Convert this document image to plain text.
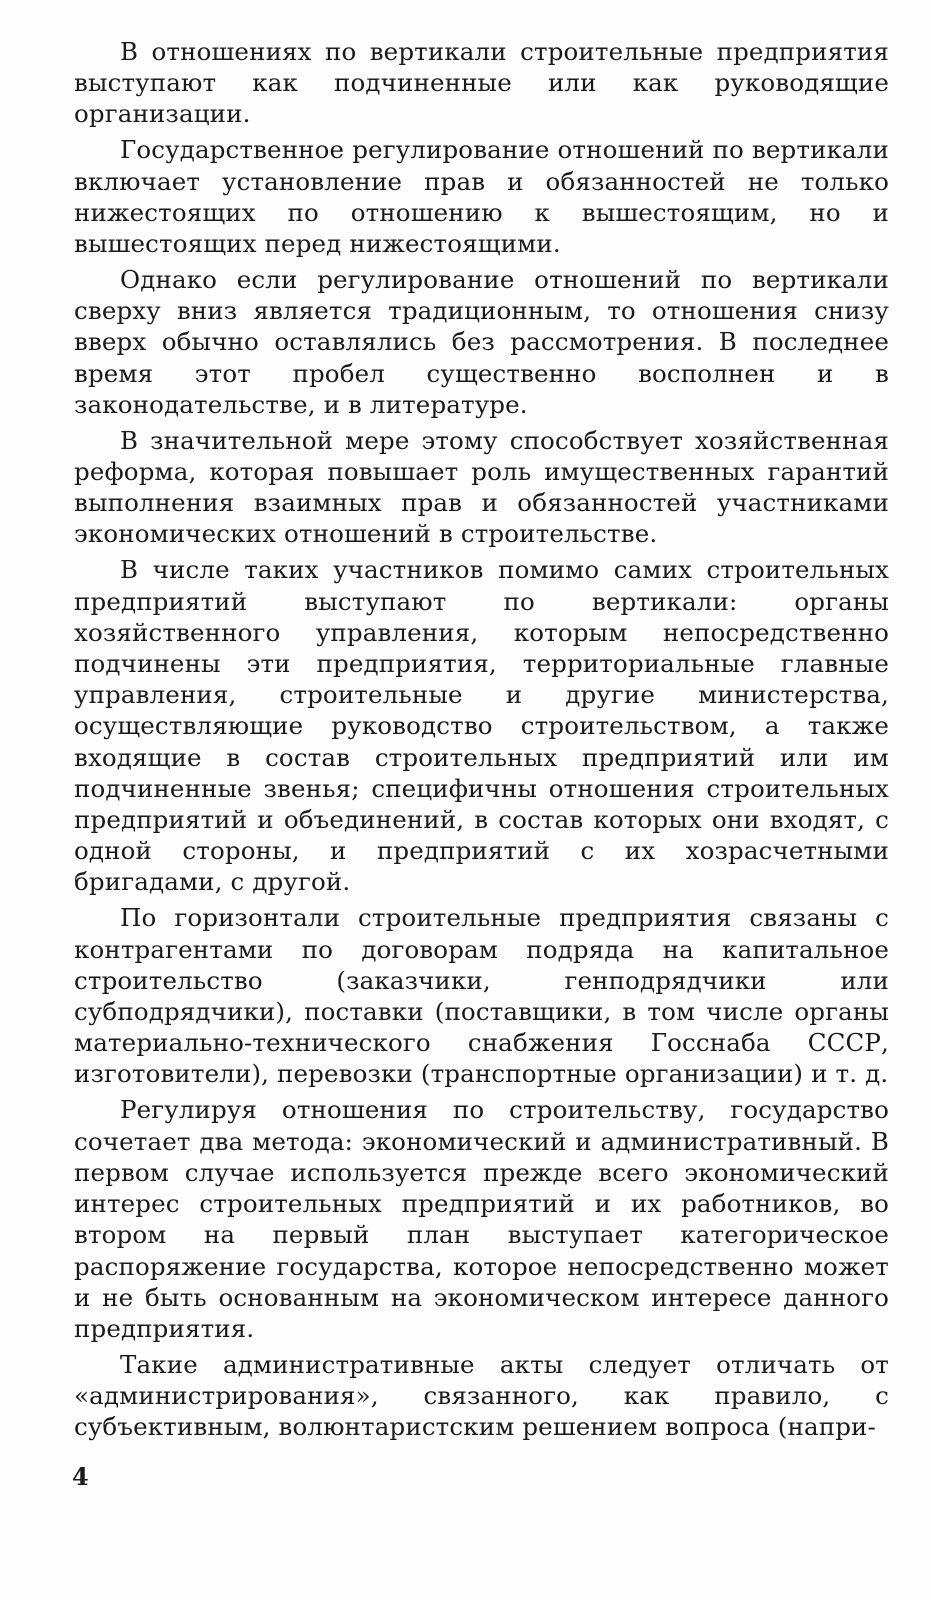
В отношениях по вертикали строительные предприятия выступают как подчиненные или как руководящие организации.

Государственное регулирование отношений по вертикали включает установление прав и обязанностей не только нижестоящих по отношению к вышестоящим, но и вышестоящих перед нижестоящими.

Однако если регулирование отношений по вертикали сверху вниз является традиционным, то отношения снизу вверх обычно оставлялись без рассмотрения. В последнее время этот пробел существенно восполнен и в законодательстве, и в литературе.

В значительной мере этому способствует хозяйственная реформа, которая повышает роль имущественных гарантий выполнения взаимных прав и обязанностей участниками экономических отношений в строительстве.

В числе таких участников помимо самих строительных предприятий выступают по вертикали: органы хозяйственного управления, которым непосредственно подчинены эти предприятия, территориальные главные управления, строительные и другие министерства, осуществляющие руководство строительством, а также входящие в состав строительных предприятий или им подчиненные звенья; специфичны отношения строительных предприятий и объединений, в состав которых они входят, с одной стороны, и предприятий с их хозрасчетными бригадами, с другой.

По горизонтали строительные предприятия связаны с контрагентами по договорам подряда на капитальное строительство (заказчики, генподрядчики или субподрядчики), поставки (поставщики, в том числе органы материально-технического снабжения Госснаба СССР, изготовители), перевозки (транспортные организации) и т. д.

Регулируя отношения по строительству, государство сочетает два метода: экономический и административный. В первом случае используется прежде всего экономический интерес строительных предприятий и их работников, во втором на первый план выступает категорическое распоряжение государства, которое непосредственно может и не быть основанным на экономическом интересе данного предприятия.

Такие административные акты следует отличать от «администрирования», связанного, как правило, с субъективным, волюнтаристским решением вопроса (напри-

4
